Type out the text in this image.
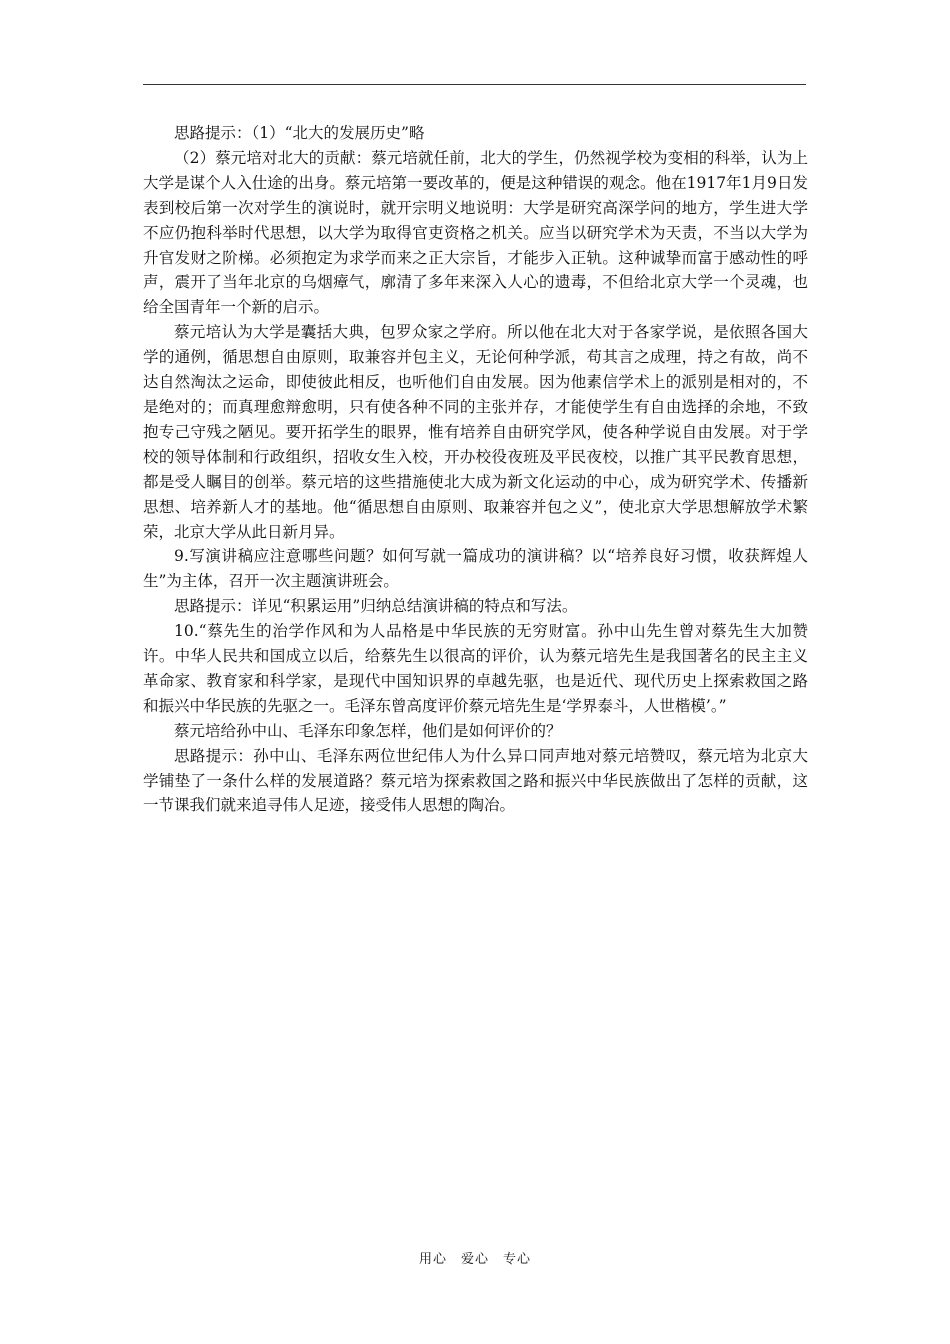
思路提示：（1）“北大的发展历史”略

（2）蔡元培对北大的贡献：蔡元培就任前，北大的学生，仍然视学校为变相的科举，认为上大学是谋个人入仕途的出身。蔡元培第一要改革的，便是这种错误的观念。他在1917年1月9日发表到校后第一次对学生的演说时，就开宗明义地说明：大学是研究高深学问的地方，学生进大学不应仍抱科举时代思想，以大学为取得官吏资格之机关。应当以研究学术为天责，不当以大学为升官发财之阶梯。必须抱定为求学而来之正大宗旨，才能步入正轨。这种诚挚而富于感动性的呼声，震开了当年北京的乌烟瘴气，廓清了多年来深入人心的遗毒，不但给北京大学一个灵魂，也给全国青年一个新的启示。

蔡元培认为大学是囊括大典，包罗众家之学府。所以他在北大对于各家学说，是依照各国大学的通例，循思想自由原则，取兼容并包主义，无论何种学派，苟其言之成理，持之有故，尚不达自然淘汰之运命，即使彼此相反，也听他们自由发展。因为他素信学术上的派别是相对的，不是绝对的；而真理愈辩愈明，只有使各种不同的主张并存，才能使学生有自由选择的余地，不致抱专己守残之陋见。要开拓学生的眼界，惟有培养自由研究学风，使各种学说自由发展。对于学校的领导体制和行政组织，招收女生入校，开办校役夜班及平民夜校，以推广其平民教育思想，都是受人瞩目的创举。蔡元培的这些措施使北大成为新文化运动的中心，成为研究学术、传播新思想、培养新人才的基地。他“循思想自由原则、取兼容并包之义”，使北京大学思想解放学术繁荣，北京大学从此日新月异。

9.写演讲稿应注意哪些问题？如何写就一篇成功的演讲稿？以“培养良好习惯，收获辉煌人生”为主体，召开一次主题演讲班会。

思路提示：详见“积累运用”归纳总结演讲稿的特点和写法。

10.“蔡先生的治学作风和为人品格是中华民族的无穷财富。孙中山先生曾对蔡先生大加赞许。中华人民共和国成立以后，给蔡先生以很高的评价，认为蔡元培先生是我国著名的民主主义革命家、教育家和科学家，是现代中国知识界的卓越先驱，也是近代、现代历史上探索救国之路和振兴中华民族的先驱之一。毛泽东曾高度评价蔡元培先生是‘学界泰斗，人世楷模’。”

蔡元培给孙中山、毛泽东印象怎样，他们是如何评价的？

思路提示：孙中山、毛泽东两位世纪伟人为什么异口同声地对蔡元培赞叹，蔡元培为北京大学铺垫了一条什么样的发展道路？蔡元培为探索救国之路和振兴中华民族做出了怎样的贡献，这一节课我们就来追寻伟人足迹，接受伟人思想的陶冶。

用心　爱心　专心
